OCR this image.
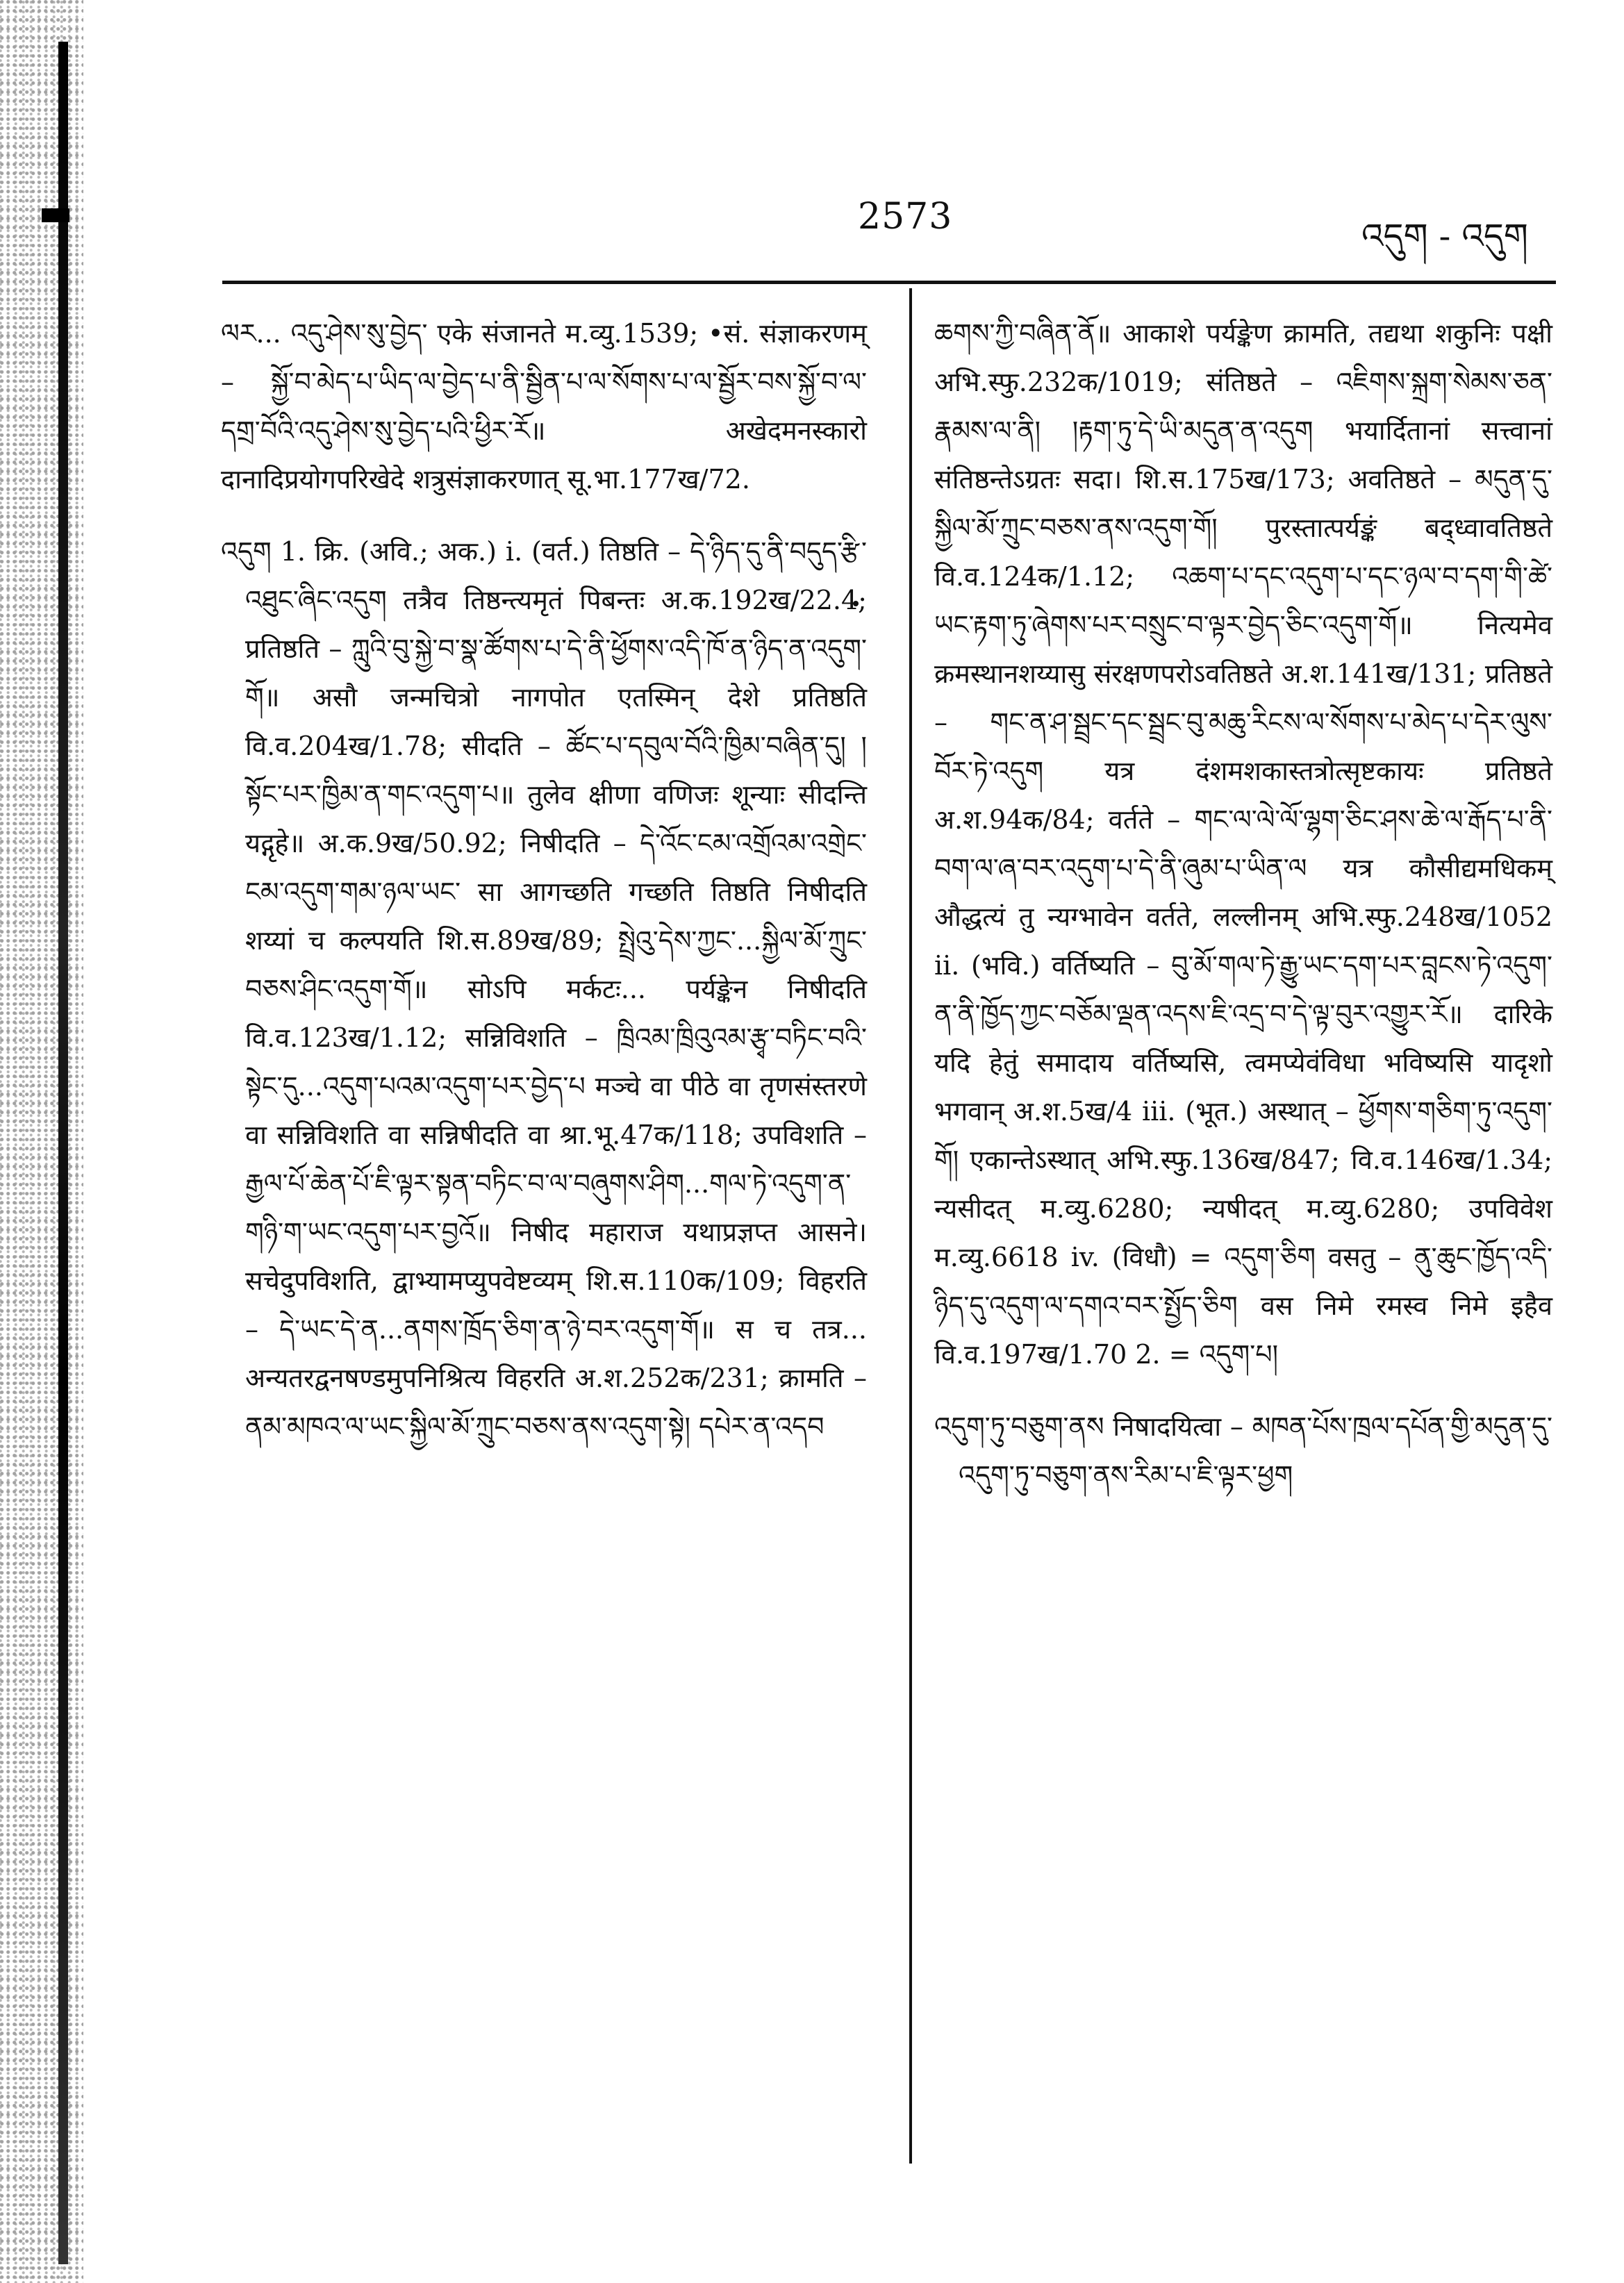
2573	འདུག - འདུག

ལར... འདུ་ཤེས་སུ་བྱེད་ एके संजानते म.व्यु.1539; •सं. संज्ञाकरणम् – སྐྱོ་བ་མེད་པ་ཡིད་ལ་བྱེད་པ་ནི་སྦྱིན་པ་ལ་སོགས་པ་ལ་སྦྱོར་བས་སྐྱོ་བ་ལ་དགྲ་བོའི་འདུ་ཤེས་སུ་བྱེད་པའི་ཕྱིར་རོ॥ अखेदमनस्कारो दानादिप्रयोगपरिखेदे शत्रुसंज्ञाकरणात् सू.भा.177ख/72.

འདུག 1. क्रि. (अवि.; अक.) i. (वर्त.) तिष्ठति – དེ་ཉིད་དུ་ནི་བདུད་རྩི་འཐུང་ཞིང་འདུག तत्रैव तिष्ठन्त्यमृतं पिबन्तः अ.क.192ख/22.4; प्रतिष्ठति – ཀླུའི་བུ་སྐྱེ་བ་སྣ་ཚོགས་པ་དེ་ནི་ཕྱོགས་འདི་ཁོ་ན་ཉིད་ན་འདུག་གོ॥ असौ जन्मचित्रो नागपोत एतस्मिन् देशे प्रतिष्ठति वि.व.204ख/1.78; सीदति – ཚོང་པ་དབུལ་བོའི་ཁྱིམ་བཞིན་དུ། །སྟོང་པར་ཁྱིམ་ན་གང་འདུག་པ॥ तुलेव क्षीणा वणिजः शून्याः सीदन्ति यद्गृहे॥ अ.क.9ख/50.92; निषीदति – དེ་འོང་ངམ་འགྲོའམ་འགྲེང་ངམ་འདུག་གམ་ཉལ་ཡང་ सा आगच्छति गच्छति तिष्ठति निषीदति शय्यां च कल्पयति शि.स.89ख/89; སྤྲེའུ་དེས་ཀྱང་...སྐྱིལ་མོ་ཀྲུང་བཅས་ཤིང་འདུག་གོ॥ सोऽपि मर्कटः... पर्यङ्केन निषीदति वि.व.123ख/1.12; सन्निविशति – ཁྲིའམ་ཁྲིའུའམ་རྩྭ་བཏིང་བའི་སྟེང་དུ...འདུག་པའམ་འདུག་པར་བྱེད་པ मञ्चे वा पीठे वा तृणसंस्तरणे वा सन्निविशति वा सन्निषीदति वा श्रा.भू.47क/118; उपविशति – རྒྱལ་པོ་ཆེན་པོ་ཇི་ལྟར་སྟན་བཏིང་བ་ལ་བཞུགས་ཤིག...གལ་ཏེ་འདུག་ན་གཉི་ག་ཡང་འདུག་པར་བྱའོ॥ निषीद महाराज यथाप्रज्ञप्त आसने। सचेदुपविशति, द्वाभ्यामप्युपवेष्टव्यम् शि.स.110क/109; विहरति – དེ་ཡང་དེ་ན...ནགས་ཁྲོད་ཅིག་ན་ཉེ་བར་འདུག་གོ॥ स च तत्र... अन्यतरद्वनषण्डमुपनिश्रित्य विहरति अ.श.252क/231; क्रामति – ནམ་མཁའ་ལ་ཡང་སྐྱིལ་མོ་ཀྲུང་བཅས་ནས་འདུག་སྟེ། དཔེར་ན་འདབ

ཆགས་ཀྱི་བཞིན་ནོ॥ आकाशे पर्यङ्केण क्रामति, तद्यथा शकुनिः पक्षी अभि.स्फु.232क/1019; संतिष्ठते – འཇིགས་སྐྲག་སེམས་ཅན་རྣམས་ལ་ནི། །རྟག་ཏུ་དེ་ཡི་མདུན་ན་འདུག भयार्दितानां सत्त्वानां संतिष्ठन्तेऽग्रतः सदा। शि.स.175ख/173; अवतिष्ठते – མདུན་དུ་སྐྱིལ་མོ་ཀྲུང་བཅས་ནས་འདུག་གོ། पुरस्तात्पर्यङ्कं बद्ध्वावतिष्ठते वि.व.124क/1.12; འཆག་པ་དང་འདུག་པ་དང་ཉལ་བ་དག་གི་ཚེ་ཡང་རྟག་ཏུ་ཞེགས་པར་བསྲུང་བ་ལྟར་བྱེད་ཅིང་འདུག་གོ॥ नित्यमेव क्रमस्थानशय्यासु संरक्षणपरोऽवतिष्ठते अ.श.141ख/131; प्रतिष्ठते – གང་ན་ཤ་སྦྲང་དང་སྦྲང་བུ་མཆུ་རིངས་ལ་སོགས་པ་མེད་པ་དེར་ལུས་བོར་ཏེ་འདུག यत्र दंशमशकास्तत्रोत्सृष्टकायः प्रतिष्ठते अ.श.94क/84; वर्तते – གང་ལ་ལེ་ལོ་ལྷག་ཅིང་ཤས་ཆེ་ལ་རྒོད་པ་ནི་བག་ལ་ཞ་བར་འདུག་པ་དེ་ནི་ཞུམ་པ་ཡིན་ལ यत्र कौसीद्यमधिकम् औद्धत्यं तु न्यग्भावेन वर्तते, लल्लीनम् अभि.स्फु.248ख/1052 ii. (भवि.) वर्तिष्यति – བུ་མོ་གལ་ཏེ་རྒྱུ་ཡང་དག་པར་བླངས་ཏེ་འདུག་ན་ནི་ཁྱོད་ཀྱང་བཅོམ་ལྡན་འདས་ཇི་འདྲ་བ་དེ་ལྟ་བུར་འགྱུར་རོ॥ दारिके यदि हेतुं समादाय वर्तिष्यसि, त्वमप्येवंविधा भविष्यसि यादृशो भगवान् अ.श.5ख/4 iii. (भूत.) अस्थात् – ཕྱོགས་གཅིག་ཏུ་འདུག་གོ། एकान्तेऽस्थात् अभि.स्फु.136ख/847; वि.व.146ख/1.34; न्यसीदत् म.व्यु.6280; न्यषीदत् म.व्यु.6280; उपविवेश म.व्यु.6618 iv. (विधौ) = འདུག་ཅིག वसतु – ནུ་ཆུང་ཁྱོད་འདི་ཉིད་དུ་འདུག་ལ་དགའ་བར་སྤྱོད་ཅིག वस निमे रमस्व निमे इहैव वि.व.197ख/1.70 2. = འདུག་པ།

འདུག་ཏུ་བཅུག་ནས निषादयित्वा – མཁན་པོས་ཁྲལ་དཔོན་གྱི་མདུན་དུ་འདུག་ཏུ་བཅུག་ནས་རིམ་པ་ཇི་ལྟར་ཕྱག
